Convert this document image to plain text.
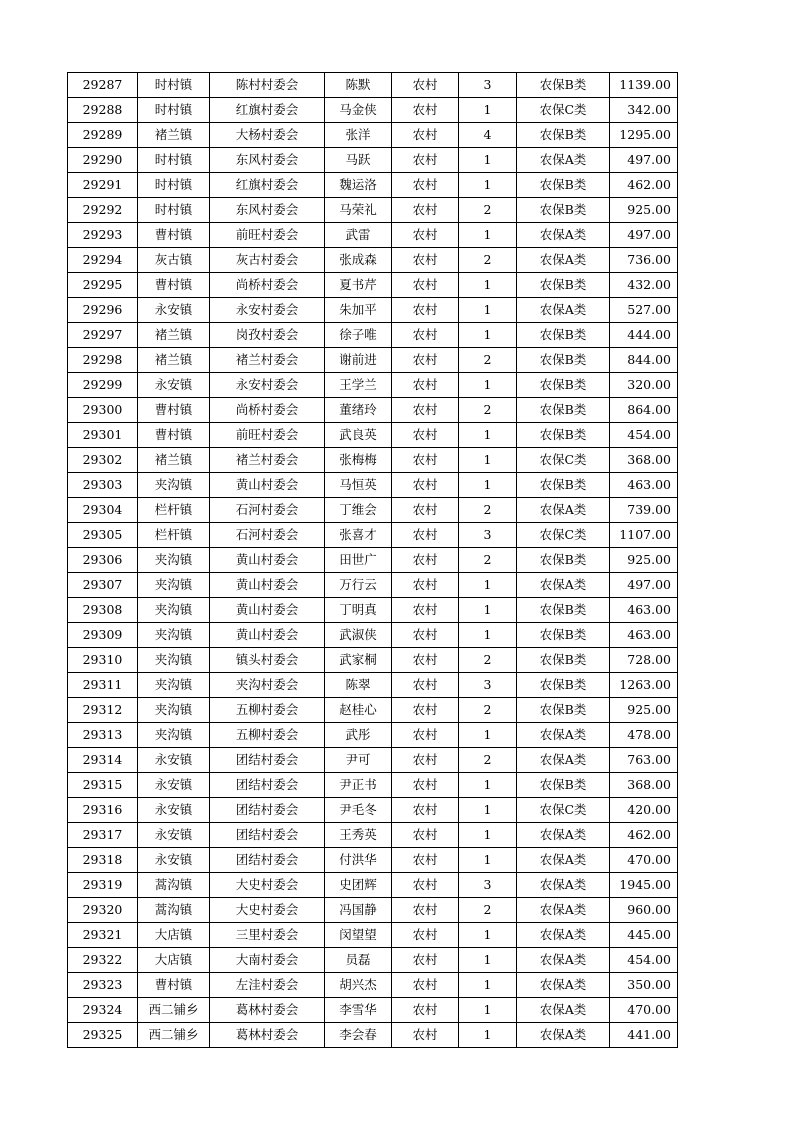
29287	时村镇	陈村村委会	陈默	农村	3	农保B类	1139.00
29288	时村镇	红旗村委会	马金侠	农村	1	农保C类	342.00
29289	褚兰镇	大杨村委会	张洋	农村	4	农保B类	1295.00
29290	时村镇	东风村委会	马跃	农村	1	农保A类	497.00
29291	时村镇	红旗村委会	魏运洛	农村	1	农保B类	462.00
29292	时村镇	东风村委会	马荣礼	农村	2	农保B类	925.00
29293	曹村镇	前旺村委会	武雷	农村	1	农保A类	497.00
29294	灰古镇	灰古村委会	张成森	农村	2	农保A类	736.00
29295	曹村镇	尚桥村委会	夏书芹	农村	1	农保B类	432.00
29296	永安镇	永安村委会	朱加平	农村	1	农保A类	527.00
29297	褚兰镇	岗孜村委会	徐子唯	农村	1	农保B类	444.00
29298	褚兰镇	褚兰村委会	谢前进	农村	2	农保B类	844.00
29299	永安镇	永安村委会	王学兰	农村	1	农保B类	320.00
29300	曹村镇	尚桥村委会	董绪玲	农村	2	农保B类	864.00
29301	曹村镇	前旺村委会	武良英	农村	1	农保B类	454.00
29302	褚兰镇	褚兰村委会	张梅梅	农村	1	农保C类	368.00
29303	夹沟镇	黄山村委会	马恒英	农村	1	农保B类	463.00
29304	栏杆镇	石河村委会	丁维会	农村	2	农保A类	739.00
29305	栏杆镇	石河村委会	张喜才	农村	3	农保C类	1107.00
29306	夹沟镇	黄山村委会	田世广	农村	2	农保B类	925.00
29307	夹沟镇	黄山村委会	万行云	农村	1	农保A类	497.00
29308	夹沟镇	黄山村委会	丁明真	农村	1	农保B类	463.00
29309	夹沟镇	黄山村委会	武淑侠	农村	1	农保B类	463.00
29310	夹沟镇	镇头村委会	武家桐	农村	2	农保B类	728.00
29311	夹沟镇	夹沟村委会	陈翠	农村	3	农保B类	1263.00
29312	夹沟镇	五柳村委会	赵桂心	农村	2	农保B类	925.00
29313	夹沟镇	五柳村委会	武彤	农村	1	农保A类	478.00
29314	永安镇	团结村委会	尹可	农村	2	农保A类	763.00
29315	永安镇	团结村委会	尹正书	农村	1	农保B类	368.00
29316	永安镇	团结村委会	尹毛冬	农村	1	农保C类	420.00
29317	永安镇	团结村委会	王秀英	农村	1	农保A类	462.00
29318	永安镇	团结村委会	付洪华	农村	1	农保A类	470.00
29319	蒿沟镇	大史村委会	史团辉	农村	3	农保A类	1945.00
29320	蒿沟镇	大史村委会	冯国静	农村	2	农保A类	960.00
29321	大店镇	三里村委会	闵望望	农村	1	农保A类	445.00
29322	大店镇	大南村委会	员磊	农村	1	农保A类	454.00
29323	曹村镇	左洼村委会	胡兴杰	农村	1	农保A类	350.00
29324	西二铺乡	葛林村委会	李雪华	农村	1	农保A类	470.00
29325	西二铺乡	葛林村委会	李会春	农村	1	农保A类	441.00
